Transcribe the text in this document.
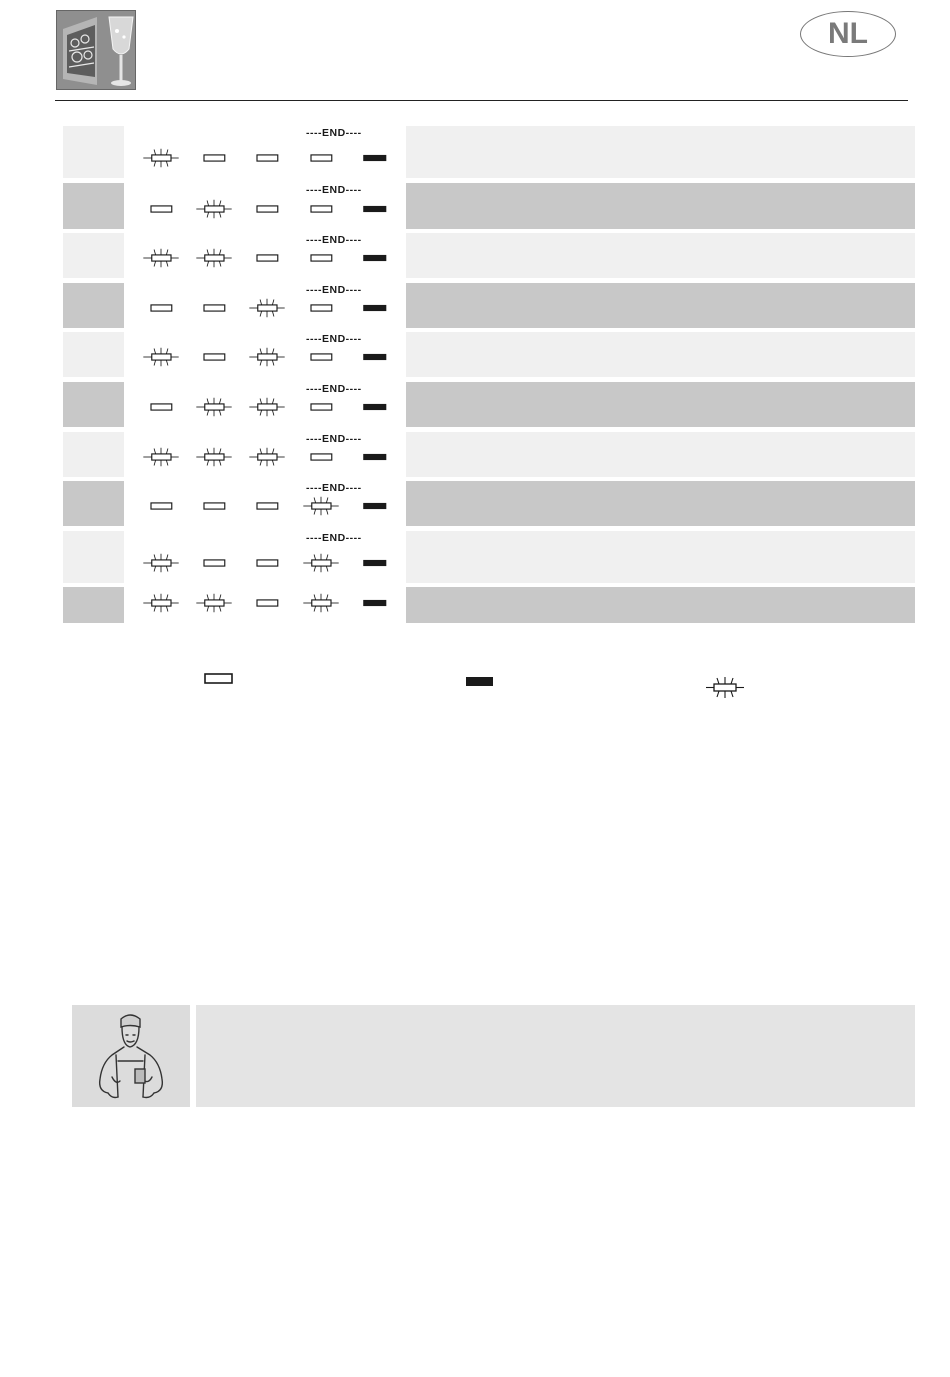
NL
----END----
----END----
----END----
----END----
----END----
----END----
----END----
----END----
----END----
